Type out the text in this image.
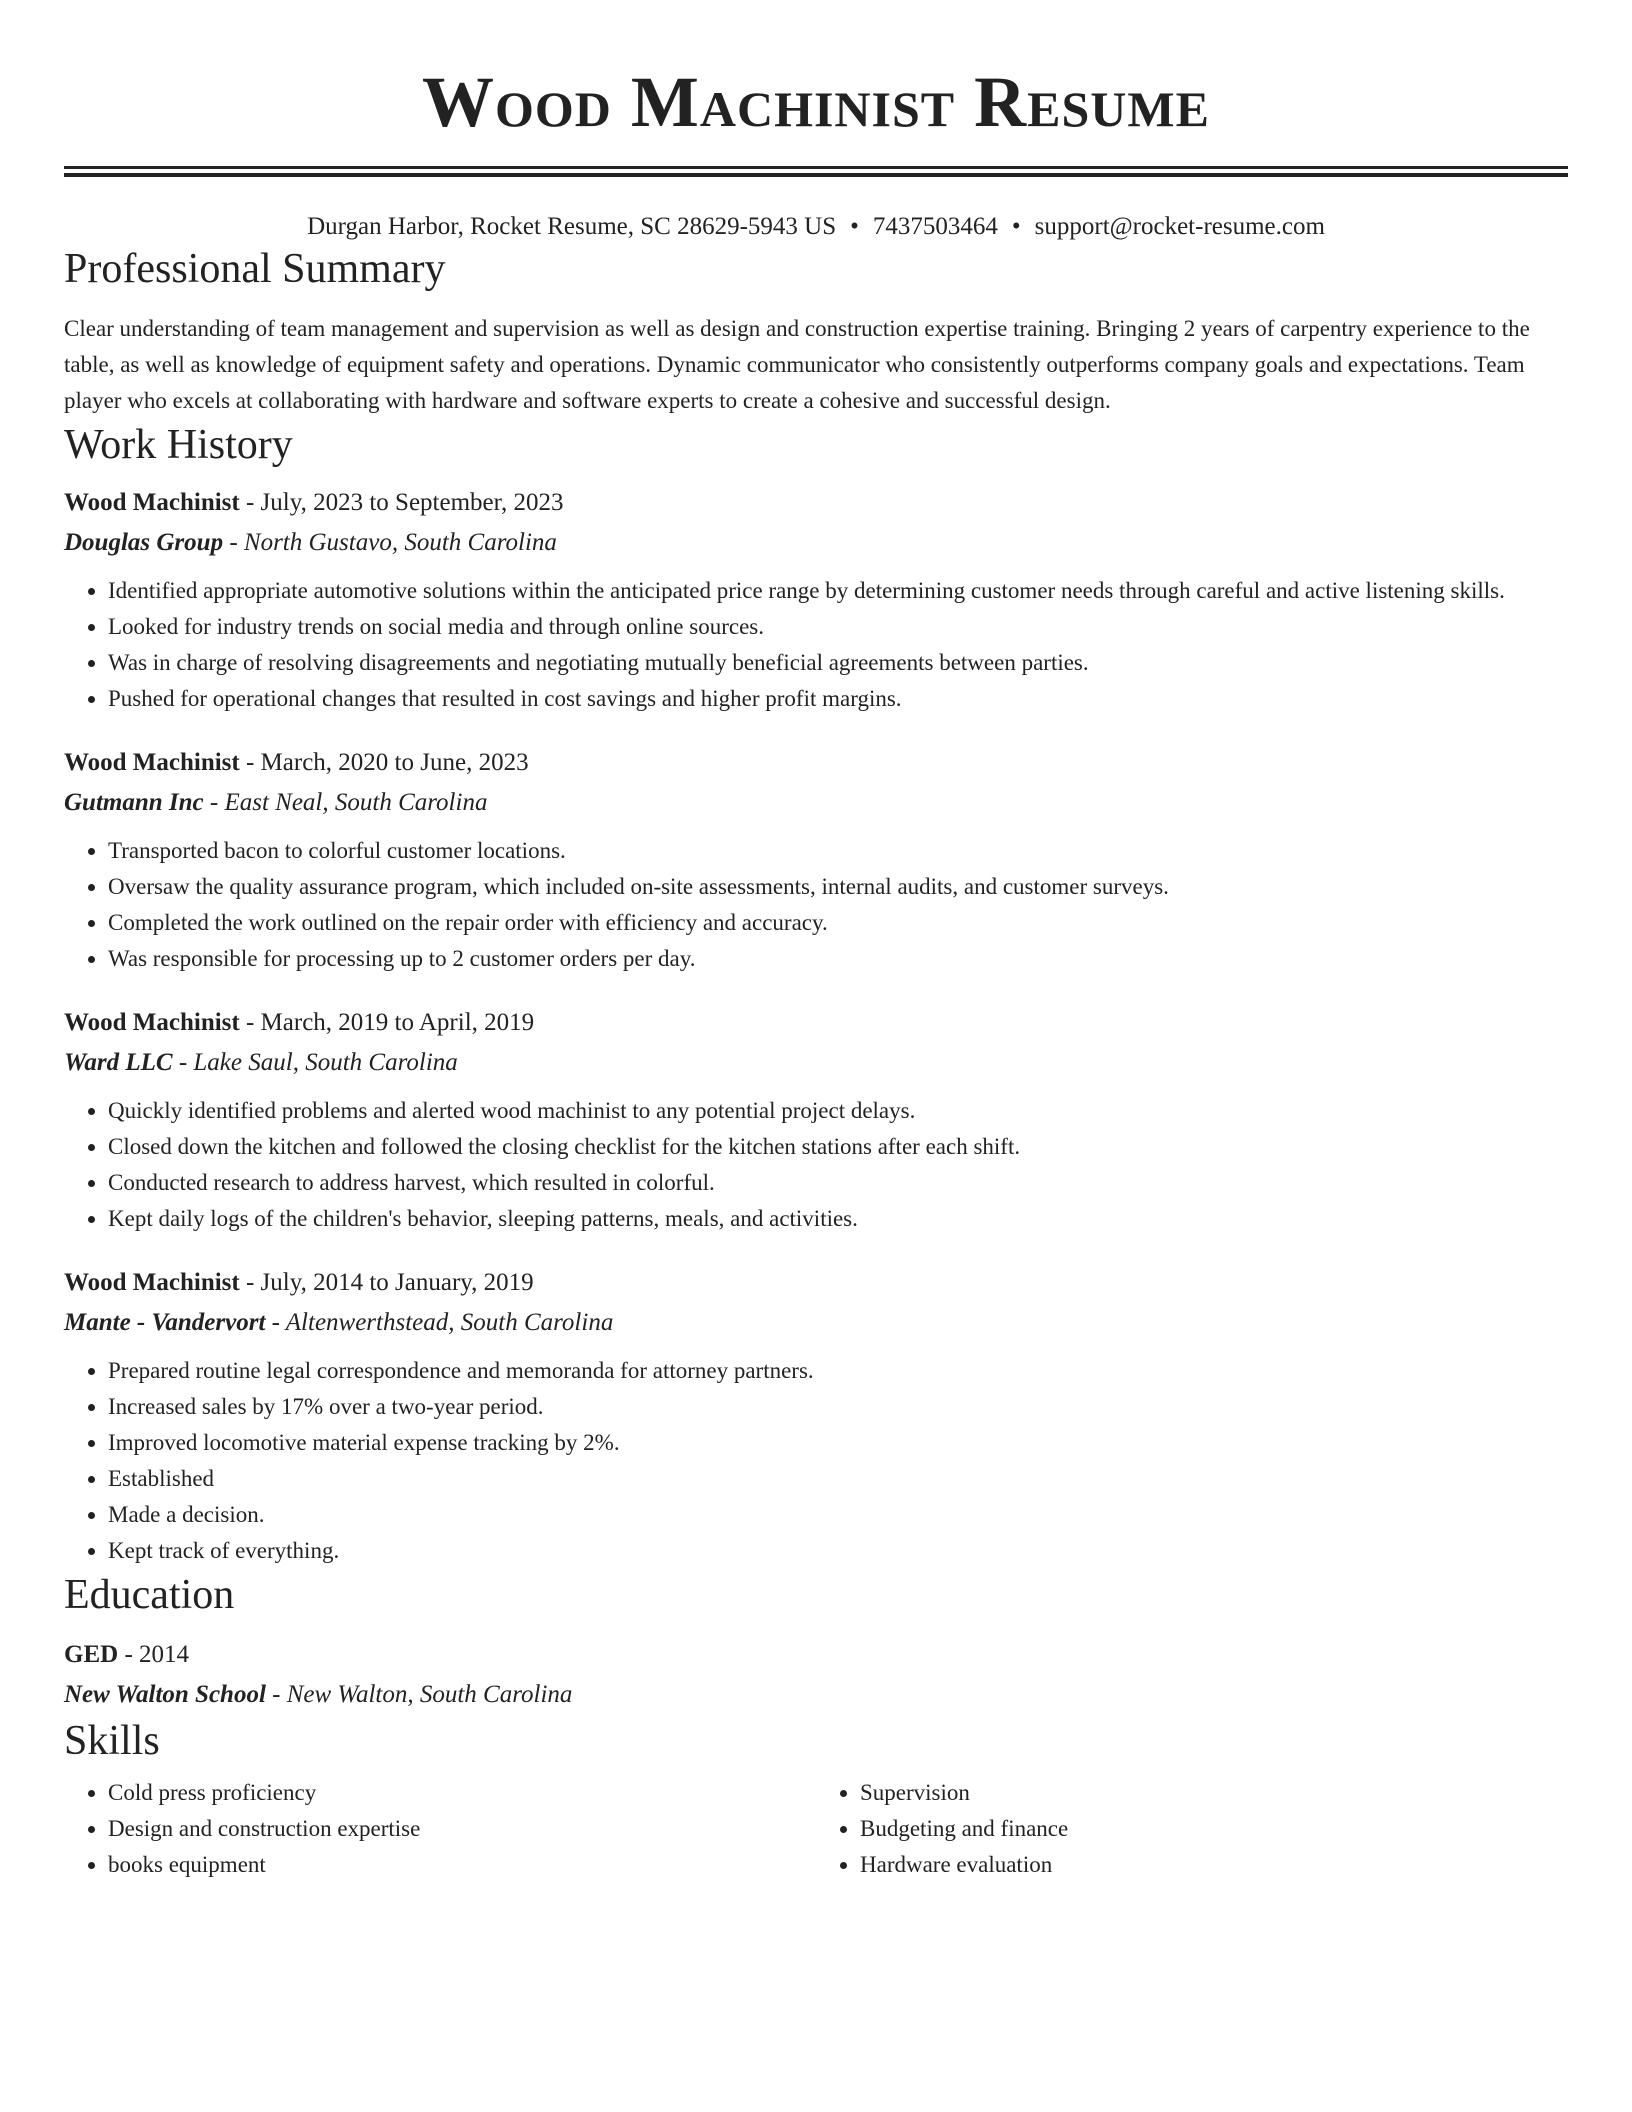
Wood Machinist Resume
Durgan Harbor, Rocket Resume, SC 28629-5943 US • 7437503464 • support@rocket-resume.com
Professional Summary
Clear understanding of team management and supervision as well as design and construction expertise training. Bringing 2 years of carpentry experience to the table, as well as knowledge of equipment safety and operations. Dynamic communicator who consistently outperforms company goals and expectations. Team player who excels at collaborating with hardware and software experts to create a cohesive and successful design.
Work History
Wood Machinist - July, 2023 to September, 2023
Douglas Group - North Gustavo, South Carolina
• Identified appropriate automotive solutions within the anticipated price range by determining customer needs through careful and active listening skills.
• Looked for industry trends on social media and through online sources.
• Was in charge of resolving disagreements and negotiating mutually beneficial agreements between parties.
• Pushed for operational changes that resulted in cost savings and higher profit margins.
Wood Machinist - March, 2020 to June, 2023
Gutmann Inc - East Neal, South Carolina
• Transported bacon to colorful customer locations.
• Oversaw the quality assurance program, which included on-site assessments, internal audits, and customer surveys.
• Completed the work outlined on the repair order with efficiency and accuracy.
• Was responsible for processing up to 2 customer orders per day.
Wood Machinist - March, 2019 to April, 2019
Ward LLC - Lake Saul, South Carolina
• Quickly identified problems and alerted wood machinist to any potential project delays.
• Closed down the kitchen and followed the closing checklist for the kitchen stations after each shift.
• Conducted research to address harvest, which resulted in colorful.
• Kept daily logs of the children's behavior, sleeping patterns, meals, and activities.
Wood Machinist - July, 2014 to January, 2019
Mante - Vandervort - Altenwerthstead, South Carolina
• Prepared routine legal correspondence and memoranda for attorney partners.
• Increased sales by 17% over a two-year period.
• Improved locomotive material expense tracking by 2%.
• Established
• Made a decision.
• Kept track of everything.
Education
GED - 2014
New Walton School - New Walton, South Carolina
Skills
• Cold press proficiency
• Design and construction expertise
• books equipment
• Supervision
• Budgeting and finance
• Hardware evaluation
